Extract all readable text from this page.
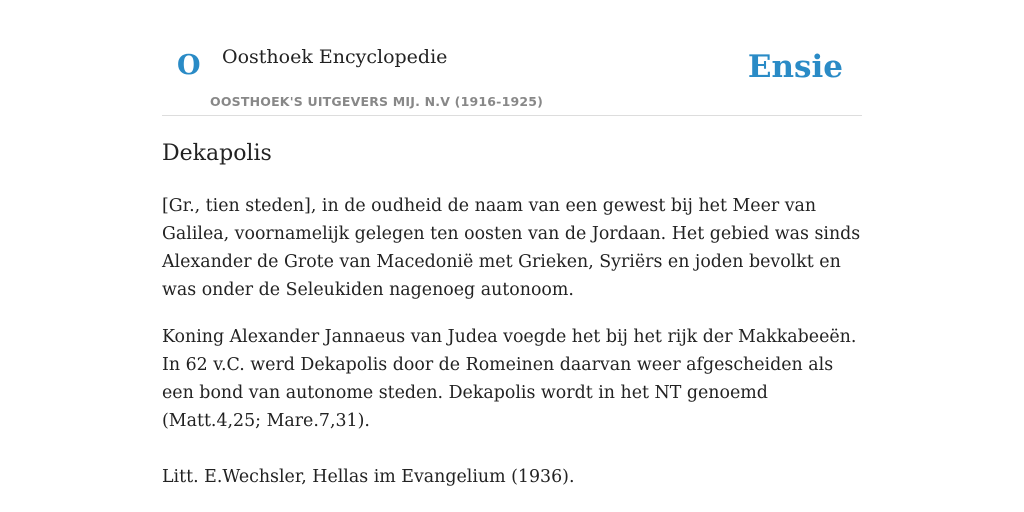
O Oosthoek Encyclopedie
OOSTHOEK'S UITGEVERS MIJ. N.V (1916-1925)
Ensie
Dekapolis

[Gr., tien steden], in de oudheid de naam van een gewest bij het Meer van Galilea, voornamelijk gelegen ten oosten van de Jordaan. Het gebied was sinds Alexander de Grote van Macedonië met Grieken, Syriërs en joden bevolkt en was onder de Seleukiden nagenoeg autonoom.

Koning Alexander Jannaeus van Judea voegde het bij het rijk der Makkabeeën. In 62 v.C. werd Dekapolis door de Romeinen daarvan weer afgescheiden als een bond van autonome steden. Dekapolis wordt in het NT genoemd (Matt.4,25; Mare.7,31).

Litt. E.Wechsler, Hellas im Evangelium (1936).
